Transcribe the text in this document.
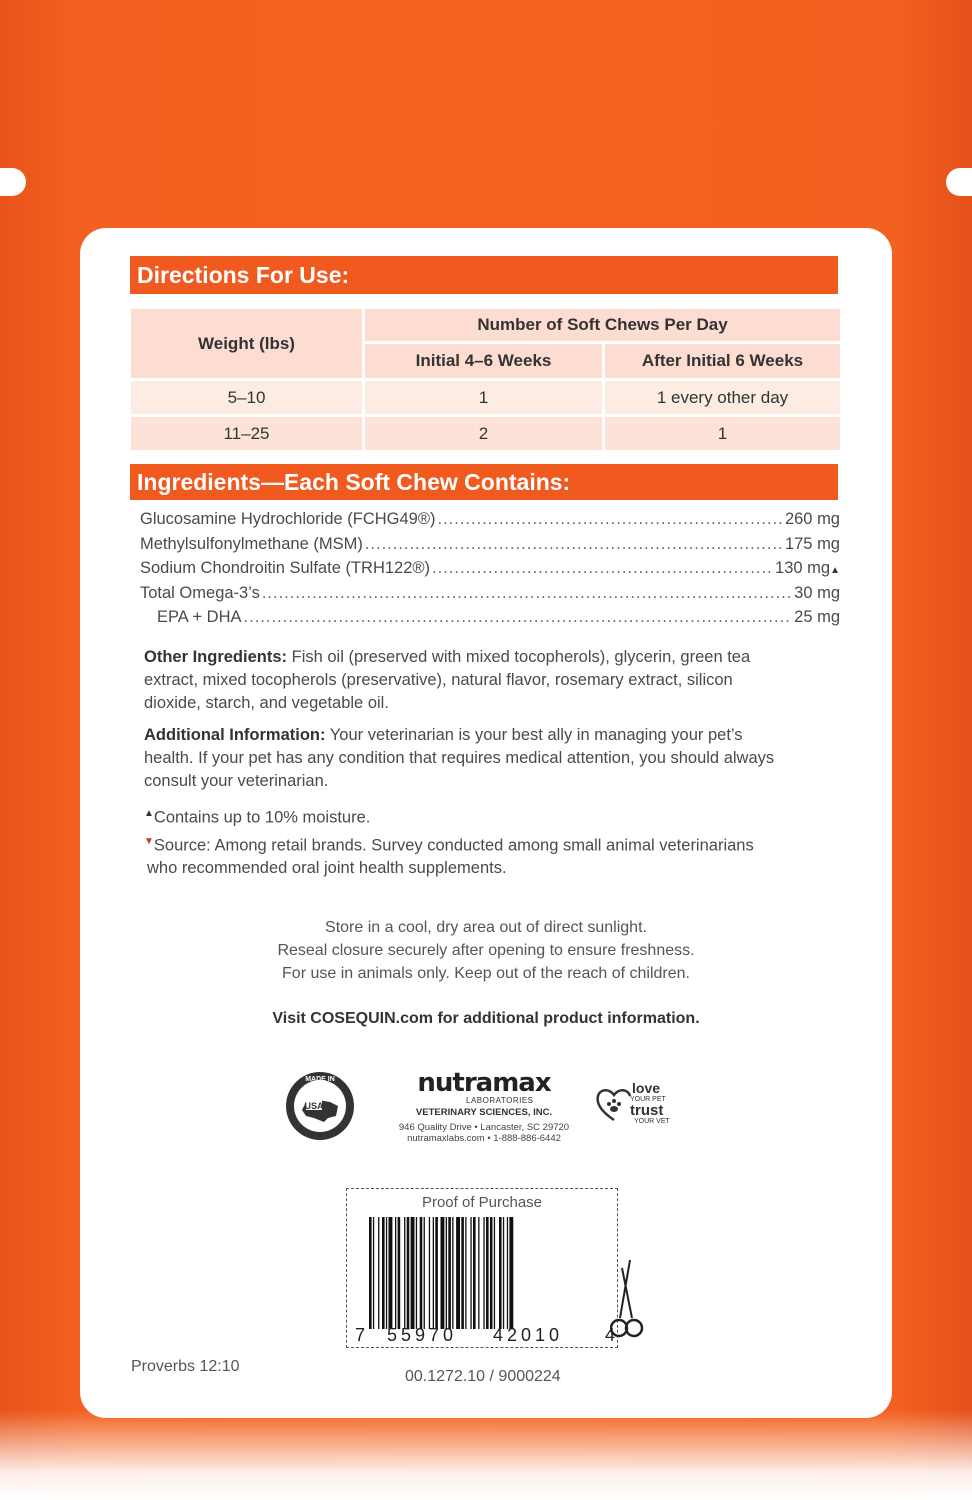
Directions For Use:
Weight (lbs)	Number of Soft Chews Per Day	
	Initial 4–6 Weeks	After Initial 6 Weeks
5–10	1	1 every other day
11–25	2	1
Ingredients—Each Soft Chew Contains:
Glucosamine Hydrochloride (FCHG49®) .....	260 mg
Methylsulfonylmethane (MSM) .....	175 mg
Sodium Chondroitin Sulfate (TRH122®) .....	130 mg ▲
Total Omega-3’s .....	30 mg
EPA + DHA .....	25 mg
Other Ingredients: Fish oil (preserved with mixed tocopherols), glycerin, green tea extract, mixed tocopherols (preservative), natural flavor, rosemary extract, silicon dioxide, starch, and vegetable oil.
Additional Information: Your veterinarian is your best ally in managing your pet’s health. If your pet has any condition that requires medical attention, you should always consult your veterinarian.
▲Contains up to 10% moisture.
▼Source: Among retail brands. Survey conducted among small animal veterinarians
who recommended oral joint health supplements.
Store in a cool, dry area out of direct sunlight.
Reseal closure securely after opening to ensure freshness.
For use in animals only. Keep out of the reach of children.
Visit COSEQUIN.com for additional product information.
USA
MADE IN	nutramax
LABORATORIES
VETERINARY SCIENCES, INC.
946 Quality Drive • Lancaster, SC 29720
nutramaxlabs.com • 1-888-886-6442
love
YOUR PET
trust
YOUR VET
Proof of Purchase
7 55970 42010 4
Proverbs 12:10
00.1272.10 / 9000224
